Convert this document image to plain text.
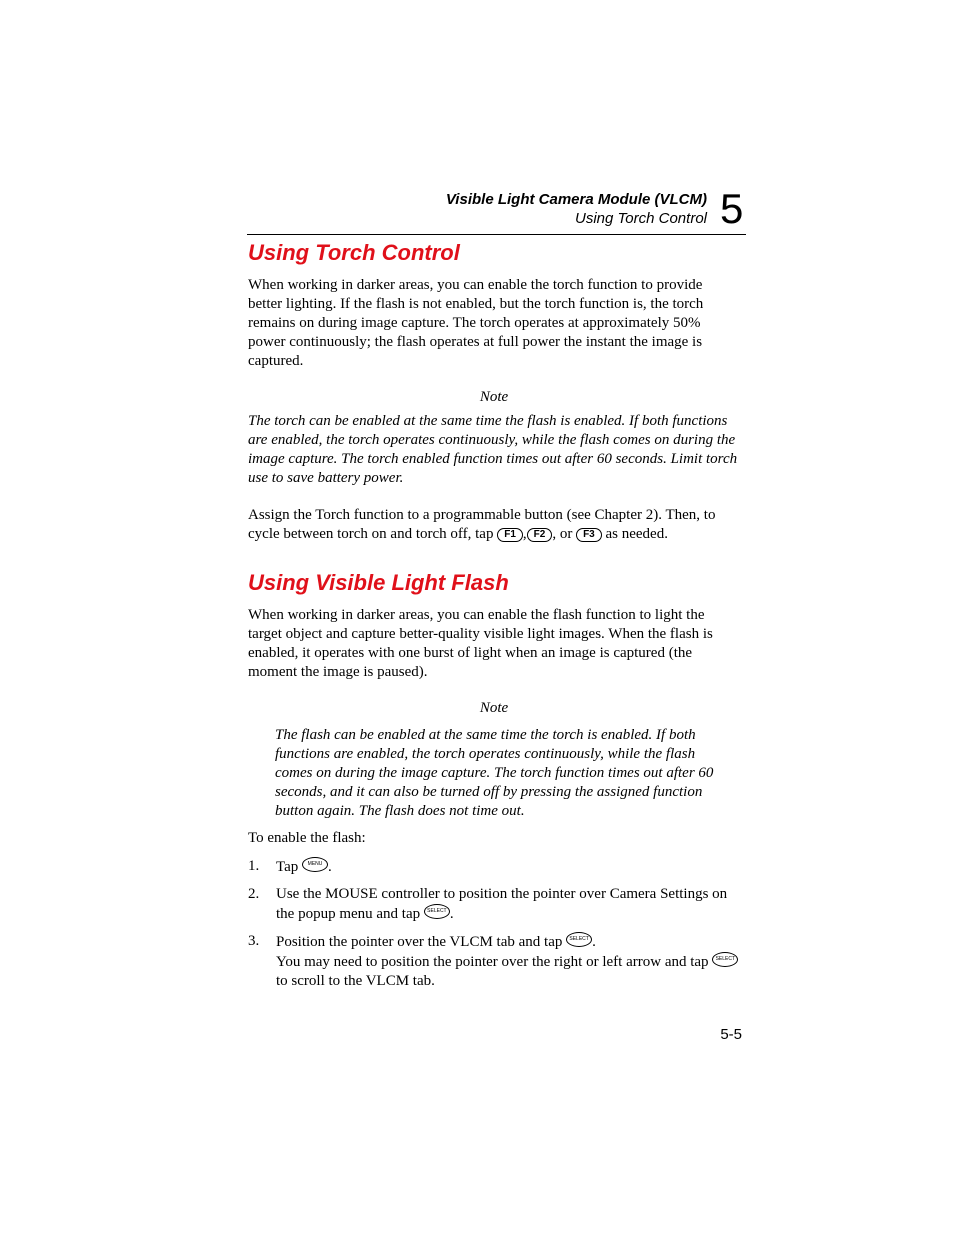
Visible Light Camera Module (VLCM)
Using Torch Control 5
Using Torch Control

When working in darker areas, you can enable the torch function to provide better lighting. If the flash is not enabled, but the torch function is, the torch remains on during image capture. The torch operates at approximately 50% power continuously; the flash operates at full power the instant the image is captured.

Note

The torch can be enabled at the same time the flash is enabled. If both functions are enabled, the torch operates continuously, while the flash comes on during the image capture. The torch enabled function times out after 60 seconds. Limit torch use to save battery power.

Assign the Torch function to a programmable button (see Chapter 2). Then, to cycle between torch on and torch off, tap F1 , F2 , or F3 as needed.

Using Visible Light Flash

When working in darker areas, you can enable the flash function to light the target object and capture better-quality visible light images. When the flash is enabled, it operates with one burst of light when an image is captured (the moment the image is paused).

Note

The flash can be enabled at the same time the torch is enabled. If both functions are enabled, the torch operates continuously, while the flash comes on during the image capture. The torch function times out after 60 seconds, and it can also be turned off by pressing the assigned function button again. The flash does not time out.

To enable the flash:

1. Tap MENU .
2. Use the MOUSE controller to position the pointer over Camera Settings on the popup menu and tap SELECT .
3. Position the pointer over the VLCM tab and tap SELECT .
You may need to position the pointer over the right or left arrow and tap SELECT to scroll to the VLCM tab.
5-5
